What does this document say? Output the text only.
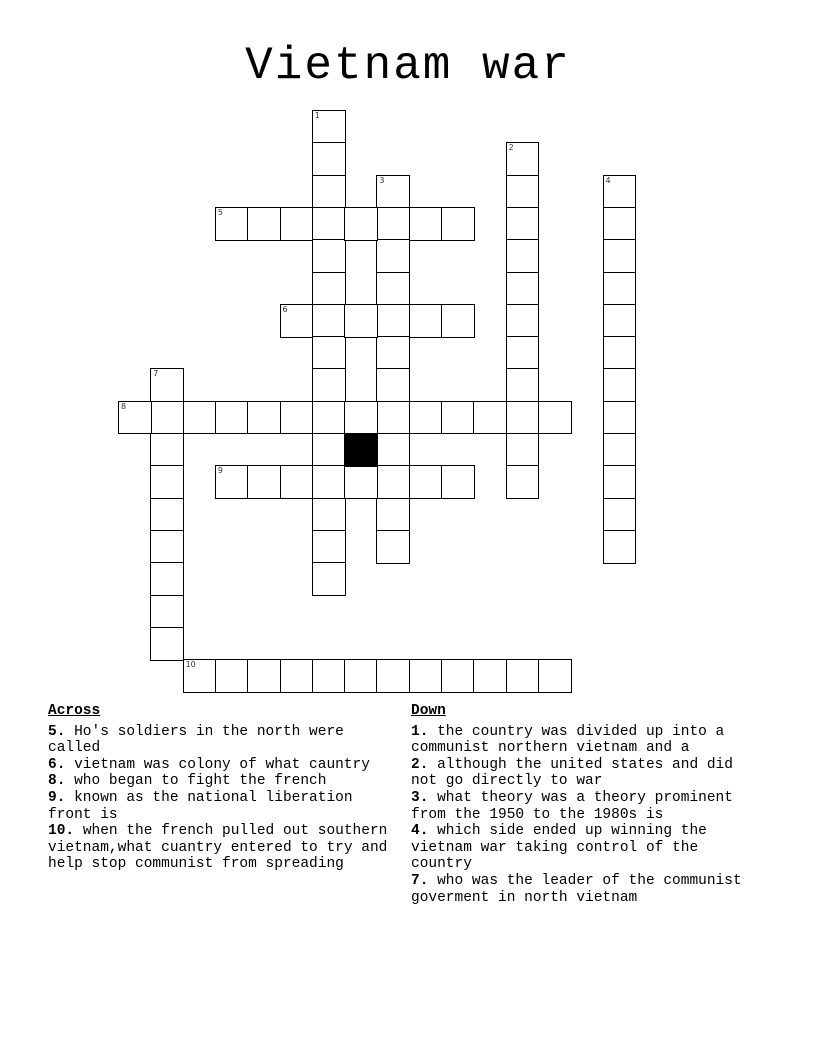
Vietnam war
1
2
3	4
5
6
7
8
9
10
Across
5. Ho's soldiers in the north were called
6. vietnam was colony of what cauntry
8. who began to fight the french
9. known as the national liberation front is
10. when the french pulled out southern vietnam,what cuantry entered to try and help stop communist from spreading
Down
1. the country was divided up into a communist northern vietnam and a
2. although the united states and did not go directly to war
3. what theory was a theory prominent from the 1950 to the 1980s is
4. which side ended up winning the vietnam war taking control of the country
7. who was the leader of the communist goverment in north vietnam
